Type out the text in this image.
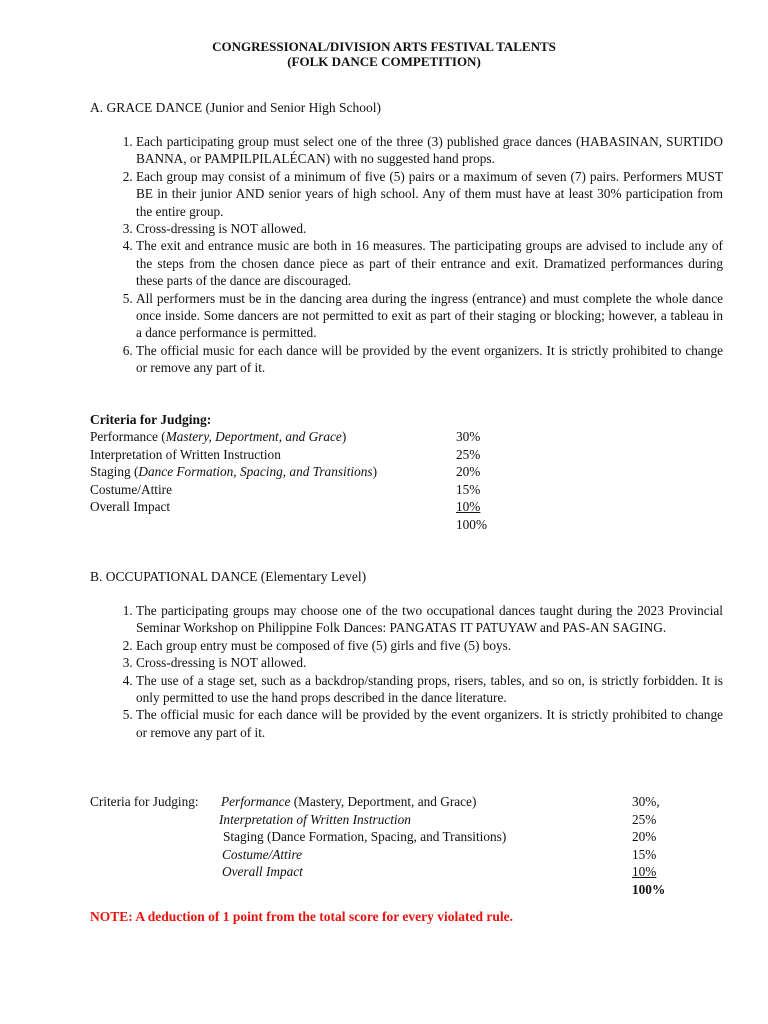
CONGRESSIONAL/DIVISION ARTS FESTIVAL TALENTS
(FOLK DANCE COMPETITION)
A. GRACE DANCE (Junior and Senior High School)
1. Each participating group must select one of the three (3) published grace dances (HABASINAN, SURTIDO BANNA, or PAMPILPILALÉCAN) with no suggested hand props.
2. Each group may consist of a minimum of five (5) pairs or a maximum of seven (7) pairs. Performers MUST BE in their junior AND senior years of high school. Any of them must have at least 30% participation from the entire group.
3. Cross-dressing is NOT allowed.
4. The exit and entrance music are both in 16 measures. The participating groups are advised to include any of the steps from the chosen dance piece as part of their entrance and exit. Dramatized performances during these parts of the dance are discouraged.
5. All performers must be in the dancing area during the ingress (entrance) and must complete the whole dance once inside. Some dancers are not permitted to exit as part of their staging or blocking; however, a tableau in a dance performance is permitted.
6. The official music for each dance will be provided by the event organizers. It is strictly prohibited to change or remove any part of it.
Criteria for Judging:
Performance (Mastery, Deportment, and Grace)	30%
Interpretation of Written Instruction	25%
Staging (Dance Formation, Spacing, and Transitions)	20%
Costume/Attire	15%
Overall Impact	10%
100%
B. OCCUPATIONAL DANCE (Elementary Level)
1. The participating groups may choose one of the two occupational dances taught during the 2023 Provincial Seminar Workshop on Philippine Folk Dances: PANGATAS IT PATUYAW and PAS-AN SAGING.
2. Each group entry must be composed of five (5) girls and five (5) boys.
3. Cross-dressing is NOT allowed.
4. The use of a stage set, such as a backdrop/standing props, risers, tables, and so on, is strictly forbidden. It is only permitted to use the hand props described in the dance literature.
5. The official music for each dance will be provided by the event organizers. It is strictly prohibited to change or remove any part of it.
Criteria for Judging: Performance (Mastery, Deportment, and Grace)	30%,
Interpretation of Written Instruction	25%
Staging (Dance Formation, Spacing, and Transitions)	20%
Costume/Attire	15%
Overall Impact	10%
100%
NOTE: A deduction of 1 point from the total score for every violated rule.
